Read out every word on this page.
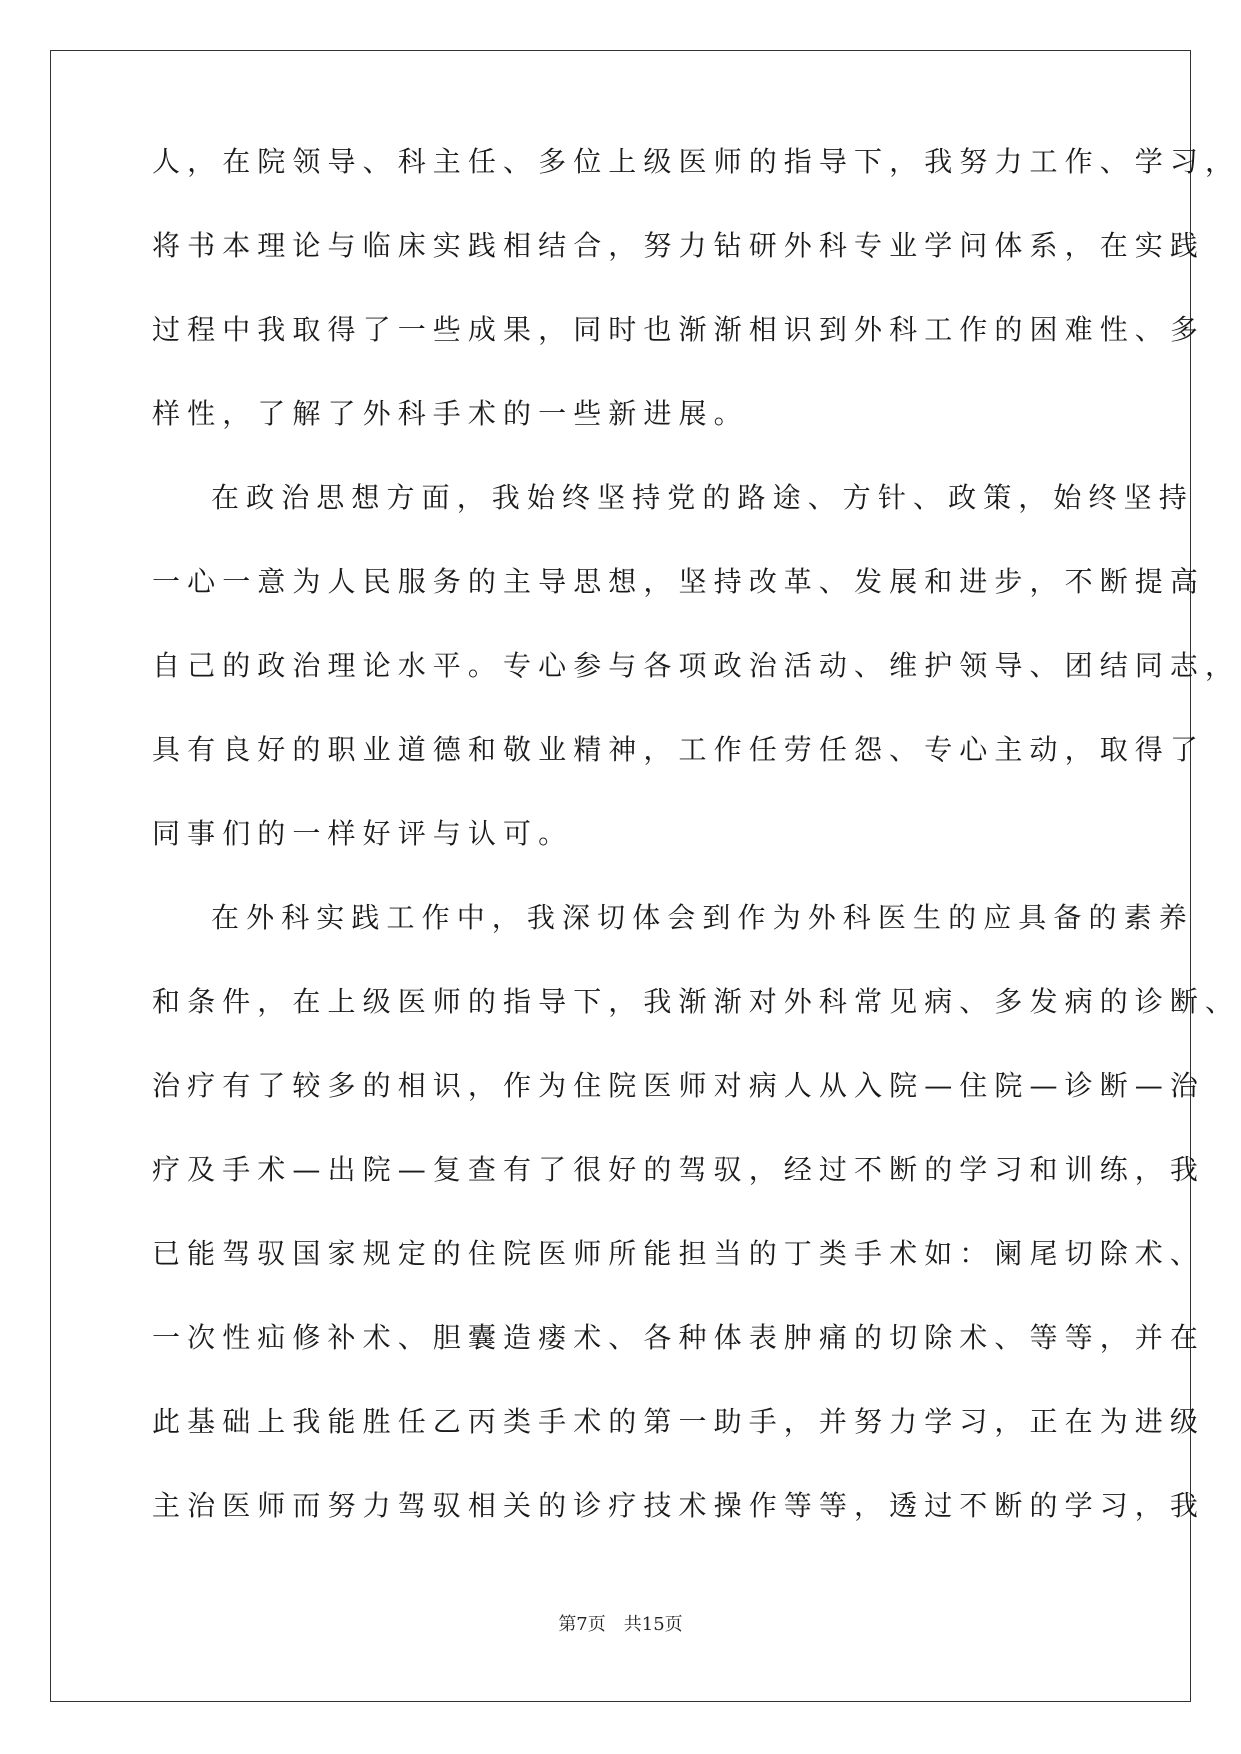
人，在院领导、科主任、多位上级医师的指导下，我努力工作、学习，
将书本理论与临床实践相结合，努力钻研外科专业学问体系，在实践
过程中我取得了一些成果，同时也渐渐相识到外科工作的困难性、多
样性，了解了外科手术的一些新进展。
在政治思想方面，我始终坚持党的路途、方针、政策，始终坚持
一心一意为人民服务的主导思想，坚持改革、发展和进步，不断提高
自己的政治理论水平。专心参与各项政治活动、维护领导、团结同志，
具有良好的职业道德和敬业精神，工作任劳任怨、专心主动，取得了
同事们的一样好评与认可。
在外科实践工作中，我深切体会到作为外科医生的应具备的素养
和条件，在上级医师的指导下，我渐渐对外科常见病、多发病的诊断、
治疗有了较多的相识，作为住院医师对病人从入院—住院—诊断—治
疗及手术—出院—复查有了很好的驾驭，经过不断的学习和训练，我
已能驾驭国家规定的住院医师所能担当的丁类手术如：阑尾切除术、
一次性疝修补术、胆囊造瘘术、各种体表肿痛的切除术、等等，并在
此基础上我能胜任乙丙类手术的第一助手，并努力学习，正在为进级
主治医师而努力驾驭相关的诊疗技术操作等等，透过不断的学习，我
第7页 共15页
